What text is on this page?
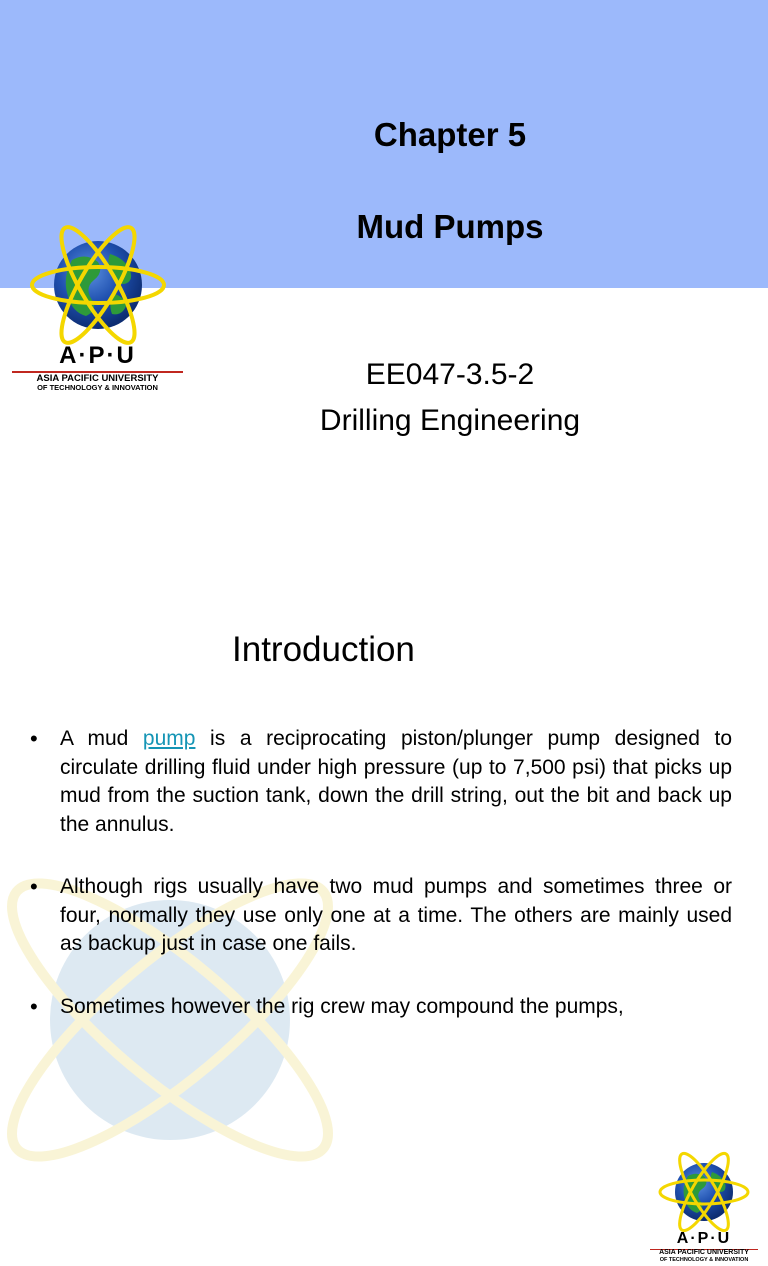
A·P·U
ASIA PACIFIC UNIVERSITY
OF TECHNOLOGY & INNOVATION
Chapter 5
Mud Pumps
EE047-3.5-2
Drilling Engineering
A·P·U
ASIA PACIFIC UNIVERSITY
OF TECHNOLOGY & INNOVATION
Introduction
• A mud pump is a reciprocating piston/plunger pump designed to circulate drilling fluid under high pressure (up to 7,500 psi) that picks up mud from the suction tank, down the drill string, out the bit and back up the annulus.
• Although rigs usually have two mud pumps and sometimes three or four, normally they use only one at a time. The others are mainly used as backup just in case one fails.
• Sometimes however the rig crew may compound the pumps,
